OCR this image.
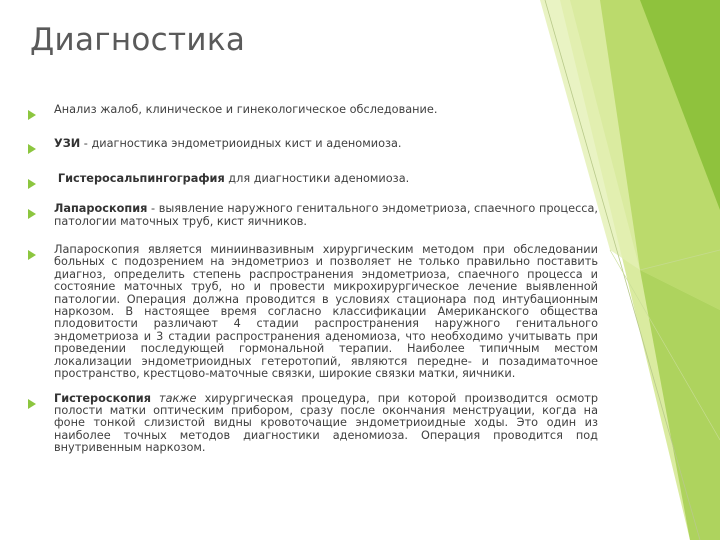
Диагностика
Анализ жалоб, клиническое и гинекологическое обследование.
УЗИ - диагностика эндометриоидных кист и аденомиоза.
Гистеросальпингография для диагностики аденомиоза.
Лапароскопия - выявление наружного генитального эндометриоза, спаечного процесса, патологии маточных труб, кист яичников.
Лапароскопия является миниинвазивным хирургическим методом при обследовании больных с подозрением на эндометриоз и позволяет не только правильно поставить диагноз, определить степень распространения эндометриоза, спаечного процесса и состояние маточных труб, но и провести микрохирургическое лечение выявленной патологии. Операция должна проводится в условиях стационара под интубационным наркозом. В настоящее время согласно классификации Американского общества плодовитости различают 4 стадии распространения наружного генитального эндометриоза и 3 стадии распространения аденомиоза, что необходимо учитывать при проведении последующей гормональной терапии. Наиболее типичным местом локализации эндометриоидных гетеротопий, являются передне- и позадиматочное пространство, крестцово-маточные связки, широкие связки матки, яичники.
Гистероскопия также хирургическая процедура, при которой производится осмотр полости матки оптическим прибором, сразу после окончания менструации, когда на фоне тонкой слизистой видны кровоточащие эндометриоидные ходы. Это один из наиболее точных методов диагностики аденомиоза. Операция проводится под внутривенным наркозом.
